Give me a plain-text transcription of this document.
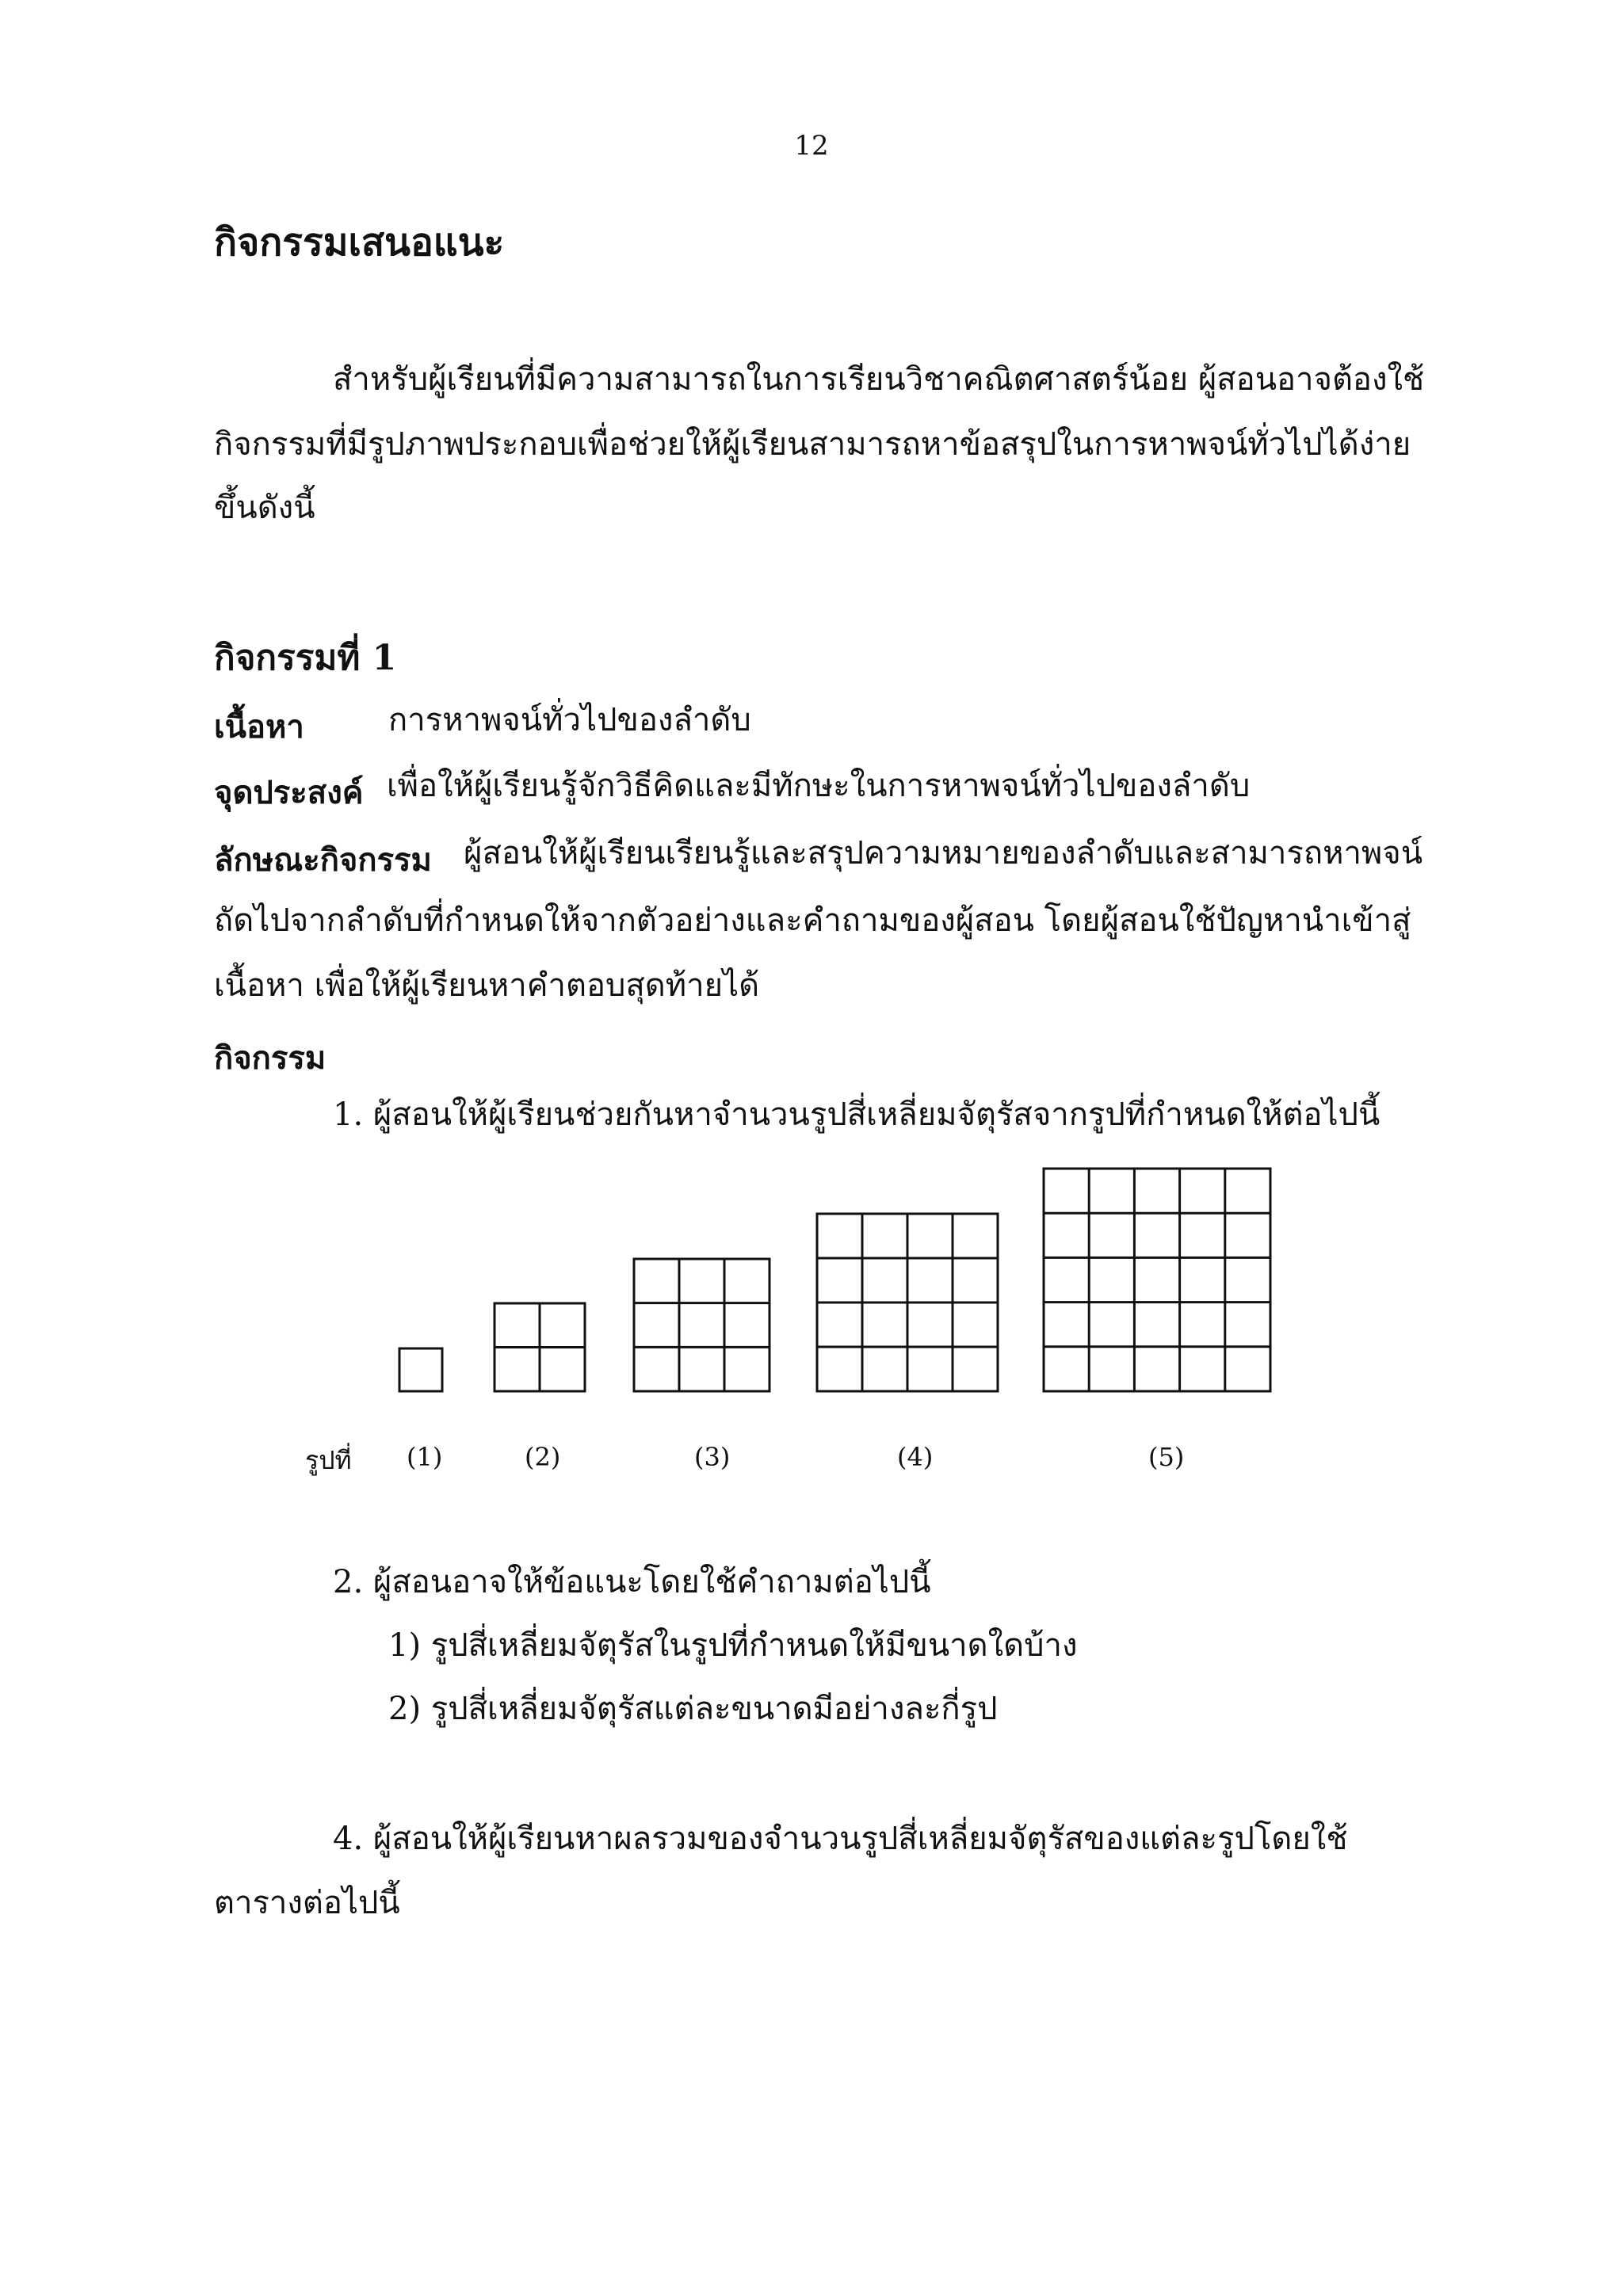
12
กิจกรรมเสนอแนะ
สำหรับผู้เรียนที่มีความสามารถในการเรียนวิชาคณิตศาสตร์น้อย ผู้สอนอาจต้องใช้
กิจกรรมที่มีรูปภาพประกอบเพื่อช่วยให้ผู้เรียนสามารถหาข้อสรุปในการหาพจน์ทั่วไปได้ง่าย
ขึ้นดังนี้
กิจกรรมที่ 1
เนื้อหา	การหาพจน์ทั่วไปของลำดับ
จุดประสงค์ เพื่อให้ผู้เรียนรู้จักวิธีคิดและมีทักษะในการหาพจน์ทั่วไปของลำดับ
ลักษณะกิจกรรม ผู้สอนให้ผู้เรียนเรียนรู้และสรุปความหมายของลำดับและสามารถหาพจน์
ถัดไปจากลำดับที่กำหนดให้จากตัวอย่างและคำถามของผู้สอน โดยผู้สอนใช้ปัญหานำเข้าสู่
เนื้อหา เพื่อให้ผู้เรียนหาคำตอบสุดท้ายได้
กิจกรรม
1. ผู้สอนให้ผู้เรียนช่วยกันหาจำนวนรูปสี่เหลี่ยมจัตุรัสจากรูปที่กำหนดให้ต่อไปนี้
รูปที่ (1)	(2)	(3)	(4)	(5)
2. ผู้สอนอาจให้ข้อแนะโดยใช้คำถามต่อไปนี้
1) รูปสี่เหลี่ยมจัตุรัสในรูปที่กำหนดให้มีขนาดใดบ้าง
2) รูปสี่เหลี่ยมจัตุรัสแต่ละขนาดมีอย่างละกี่รูป
4. ผู้สอนให้ผู้เรียนหาผลรวมของจำนวนรูปสี่เหลี่ยมจัตุรัสของแต่ละรูปโดยใช้
ตารางต่อไปนี้
